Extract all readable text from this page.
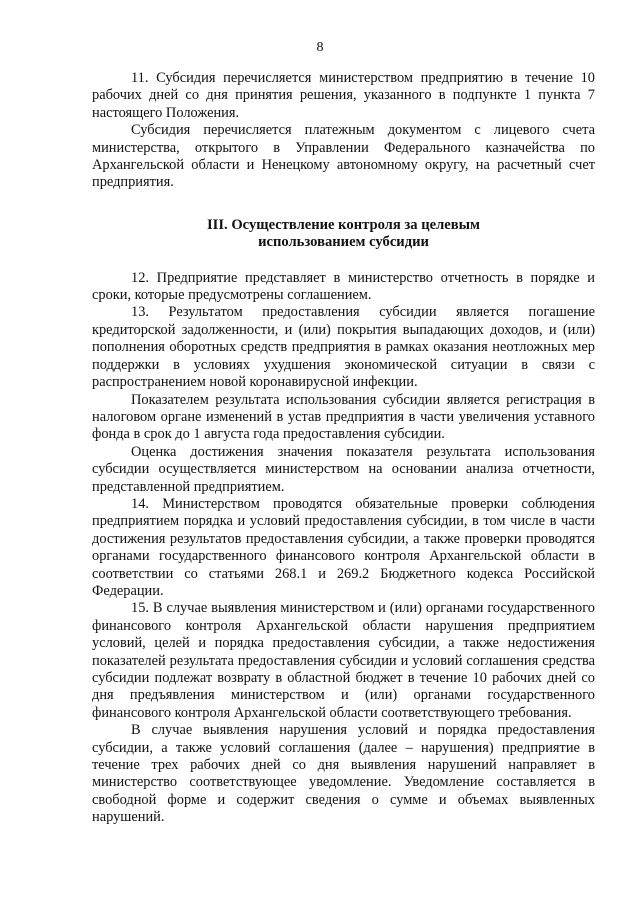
8

11. Субсидия перечисляется министерством предприятию в течение 10 рабочих дней со дня принятия решения, указанного в подпункте 1 пункта 7 настоящего Положения.

Субсидия перечисляется платежным документом с лицевого счета министерства, открытого в Управлении Федерального казначейства по Архангельской области и Ненецкому автономному округу, на расчетный счет предприятия.

III. Осуществление контроля за целевым
использованием субсидии

12. Предприятие представляет в министерство отчетность в порядке и сроки, которые предусмотрены соглашением.

13. Результатом предоставления субсидии является погашение кредиторской задолженности, и (или) покрытия выпадающих доходов, и (или) пополнения оборотных средств предприятия в рамках оказания неотложных мер поддержки в условиях ухудшения экономической ситуации в связи с распространением новой коронавирусной инфекции.

Показателем результата использования субсидии является регистрация в налоговом органе изменений в устав предприятия в части увеличения уставного фонда в срок до 1 августа года предоставления субсидии.

Оценка достижения значения показателя результата использования субсидии осуществляется министерством на основании анализа отчетности, представленной предприятием.

14. Министерством проводятся обязательные проверки соблюдения предприятием порядка и условий предоставления субсидии, в том числе в части достижения результатов предоставления субсидии, а также проверки проводятся органами государственного финансового контроля Архангельской области в соответствии со статьями 268.1 и 269.2 Бюджетного кодекса Российской Федерации.

15. В случае выявления министерством и (или) органами государственного финансового контроля Архангельской области нарушения предприятием условий, целей и порядка предоставления субсидии, а также недостижения показателей результата предоставления субсидии и условий соглашения средства субсидии подлежат возврату в областной бюджет в течение 10 рабочих дней со дня предъявления министерством и (или) органами государственного финансового контроля Архангельской области соответствующего требования.

В случае выявления нарушения условий и порядка предоставления субсидии, а также условий соглашения (далее – нарушения) предприятие в течение трех рабочих дней со дня выявления нарушений направляет в министерство соответствующее уведомление. Уведомление составляется в свободной форме и содержит сведения о сумме и объемах выявленных нарушений.
